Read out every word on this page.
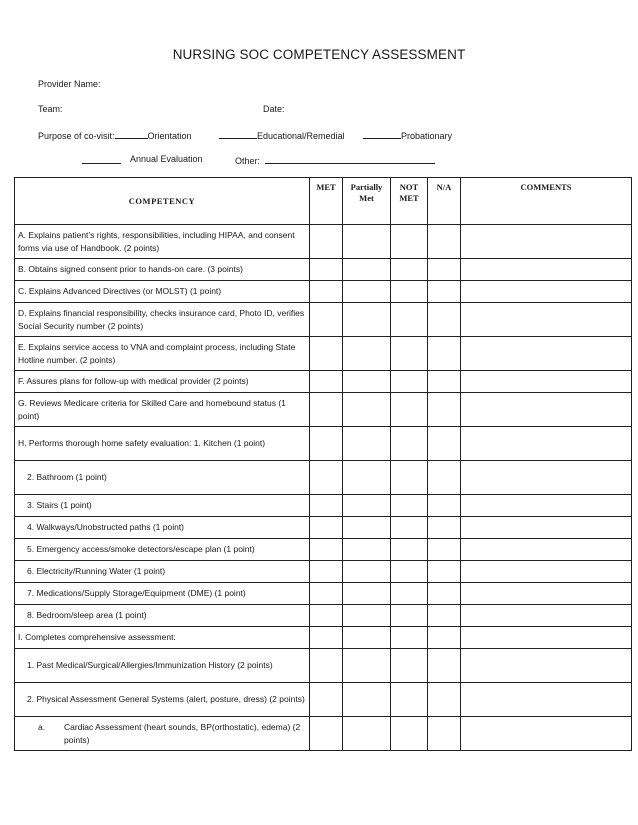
NURSING SOC COMPETENCY ASSESSMENT
Provider Name:
Team:	Date:
Purpose of co-visit:	Orientation	Educational/Remedial	Probationary
Annual Evaluation	Other:
COMPETENCY	MET	Partially Met	NOT MET	N/A	COMMENTS
A. Explains patient’s rights, responsibilities, including HIPAA, and consent forms via use of Handbook. (2 points)					
B. Obtains signed consent prior to hands-on care. (3 points)					
C. Explains Advanced Directives (or MOLST) (1 point)					
D. Explains financial responsibility, checks insurance card, Photo ID, verifies Social Security number (2 points)					
E. Explains service access to VNA and complaint process, including State Hotline number. (2 points)					
F. Assures plans for follow-up with medical provider (2 points)					
G. Reviews Medicare criteria for Skilled Care and homebound status (1 point)					
H. Performs thorough home safety evaluation: 1. Kitchen (1 point)					

2. Bathroom (1 point)					

3. Stairs (1 point)					

4. Walkways/Unobstructed paths (1 point)					

5. Emergency access/smoke detectors/escape plan (1 point)					

6. Electricity/Running Water (1 point)					

7. Medications/Supply Storage/Equipment (DME) (1 point)					

8. Bedroom/sleep area (1 point)					

I. Completes comprehensive assessment:					

1. Past Medical/Surgical/Allergies/Immunization History (2 points)					

2. Physical Assessment General Systems (alert, posture, dress) (2 points)					

a. Cardiac Assessment (heart sounds, BP(orthostatic), edema) (2 points)					
